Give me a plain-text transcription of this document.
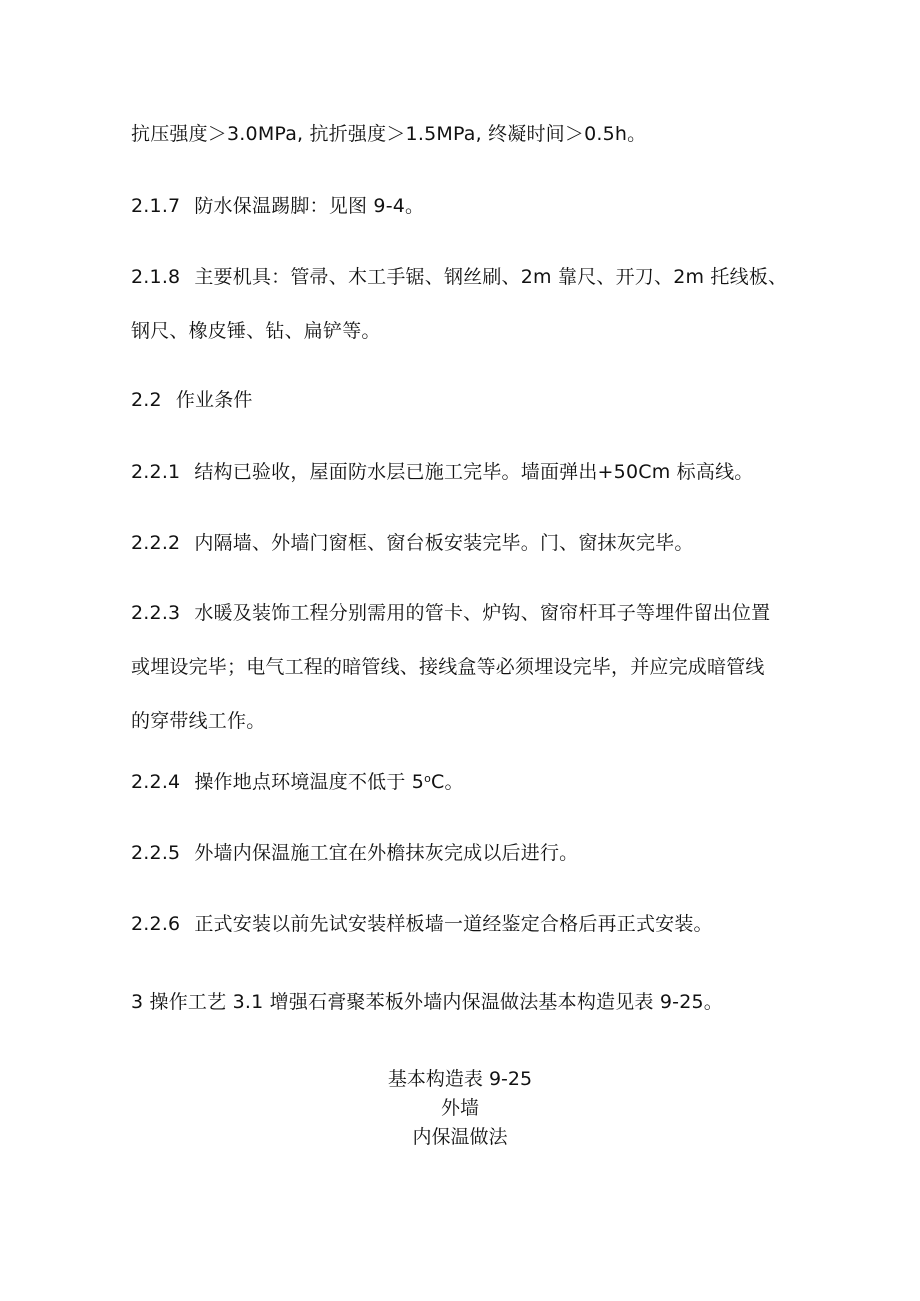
抗压强度＞3.0MPa, 抗折强度＞1.5MPa, 终凝时间＞0.5h。
2.1.7 防水保温踢脚：见图 9-4。
2.1.8 主要机具：管帚、木工手锯、钢丝刷、2m 靠尺、开刀、2m 托线板、
钢尺、橡皮锤、钻、扁铲等。
2.2 作业条件
2.2.1 结构已验收，屋面防水层已施工完毕。墙面弹出+50Cm 标高线。
2.2.2 内隔墙、外墙门窗框、窗台板安装完毕。门、窗抹灰完毕。
2.2.3 水暖及装饰工程分别需用的管卡、炉钩、窗帘杆耳子等埋件留出位置
或埋设完毕；电气工程的暗管线、接线盒等必须埋设完毕，并应完成暗管线
的穿带线工作。
2.2.4 操作地点环境温度不低于 5$^o$C。
2.2.5 外墙内保温施工宜在外檐抹灰完成以后进行。
2.2.6 正式安装以前先试安装样板墙一道经鉴定合格后再正式安装。
3 操作工艺 3.1 增强石膏聚苯板外墙内保温做法基本构造见表 9-25。
基本构造表 9-25
外墙
内保温做法
